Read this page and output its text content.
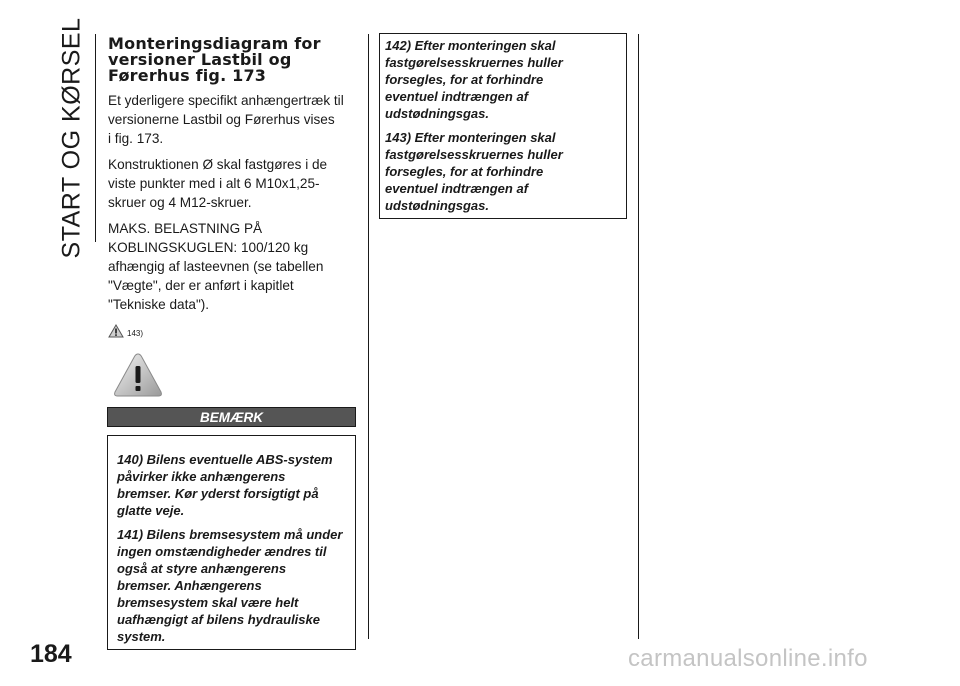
START OG KØRSEL
184
Monteringsdiagram for
versioner Lastbil og
Førerhus fig. 173
Et yderligere specifikt anhængertræk til
versionerne Lastbil og Førerhus vises
i fig. 173.
Konstruktionen Ø skal fastgøres i de
viste punkter med i alt 6 M10x1,25-
skruer og 4 M12-skruer.
MAKS. BELASTNING PÅ
KOBLINGSKUGLEN: 100/120 kg
afhængig af lasteevnen (se tabellen
"Vægte", der er anført i kapitlet
"Tekniske data").
143)
BEMÆRK
140) Bilens eventuelle ABS-system
påvirker ikke anhængerens
bremser. Kør yderst forsigtigt på
glatte veje.
141) Bilens bremsesystem må under
ingen omstændigheder ændres til
også at styre anhængerens
bremser. Anhængerens
bremsesystem skal være helt
uafhængigt af bilens hydrauliske
system.
142) Efter monteringen skal
fastgørelsesskruernes huller
forsegles, for at forhindre
eventuel indtrængen af
udstødningsgas.
143) Efter monteringen skal
fastgørelsesskruernes huller
forsegles, for at forhindre
eventuel indtrængen af
udstødningsgas.
carmanualsonline.info
